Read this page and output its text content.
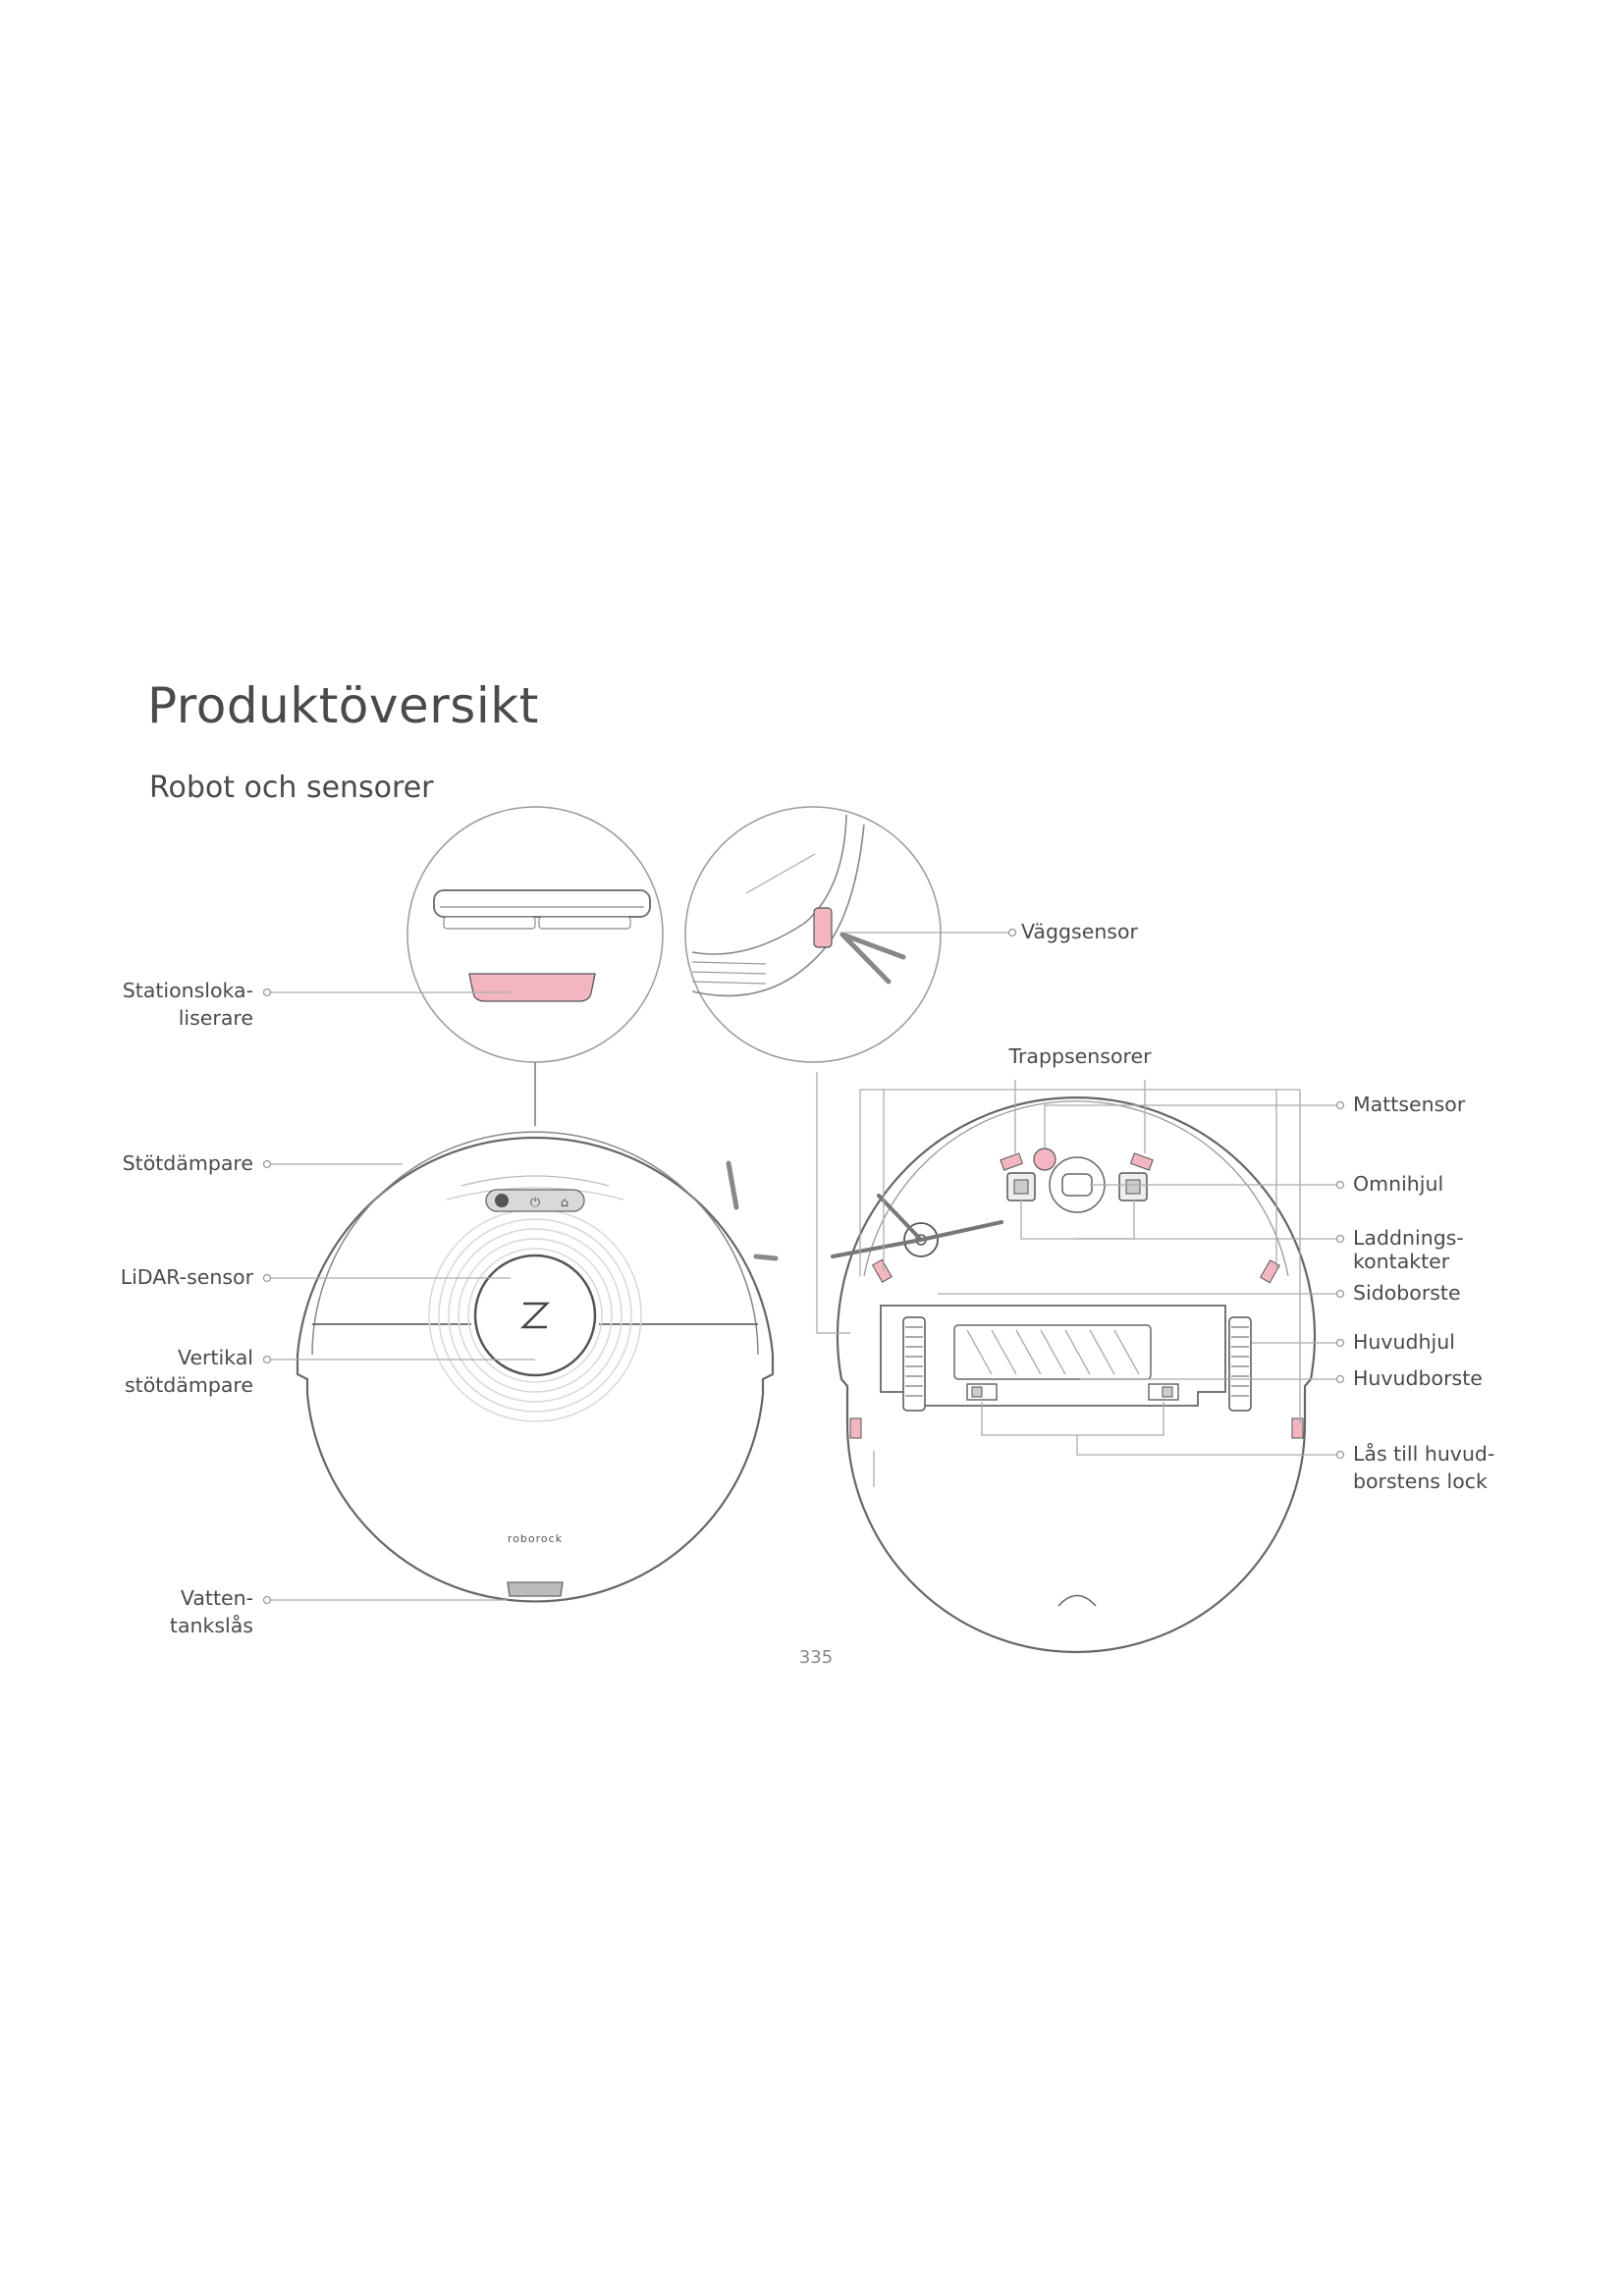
Produktöversikt
Robot och sensorer
⏻ ⌂
roborock
Stationsloka-
liserare
Stötdämpare
LiDAR-sensor
Vertikal
stötdämpare
Vatten-
tankslås
Väggsensor
Trappsensorer
Mattsensor
Omnihjul
Laddnings-
kontakter
Sidoborste
Huvudhjul
Huvudborste
Lås till huvud-
borstens lock
335
